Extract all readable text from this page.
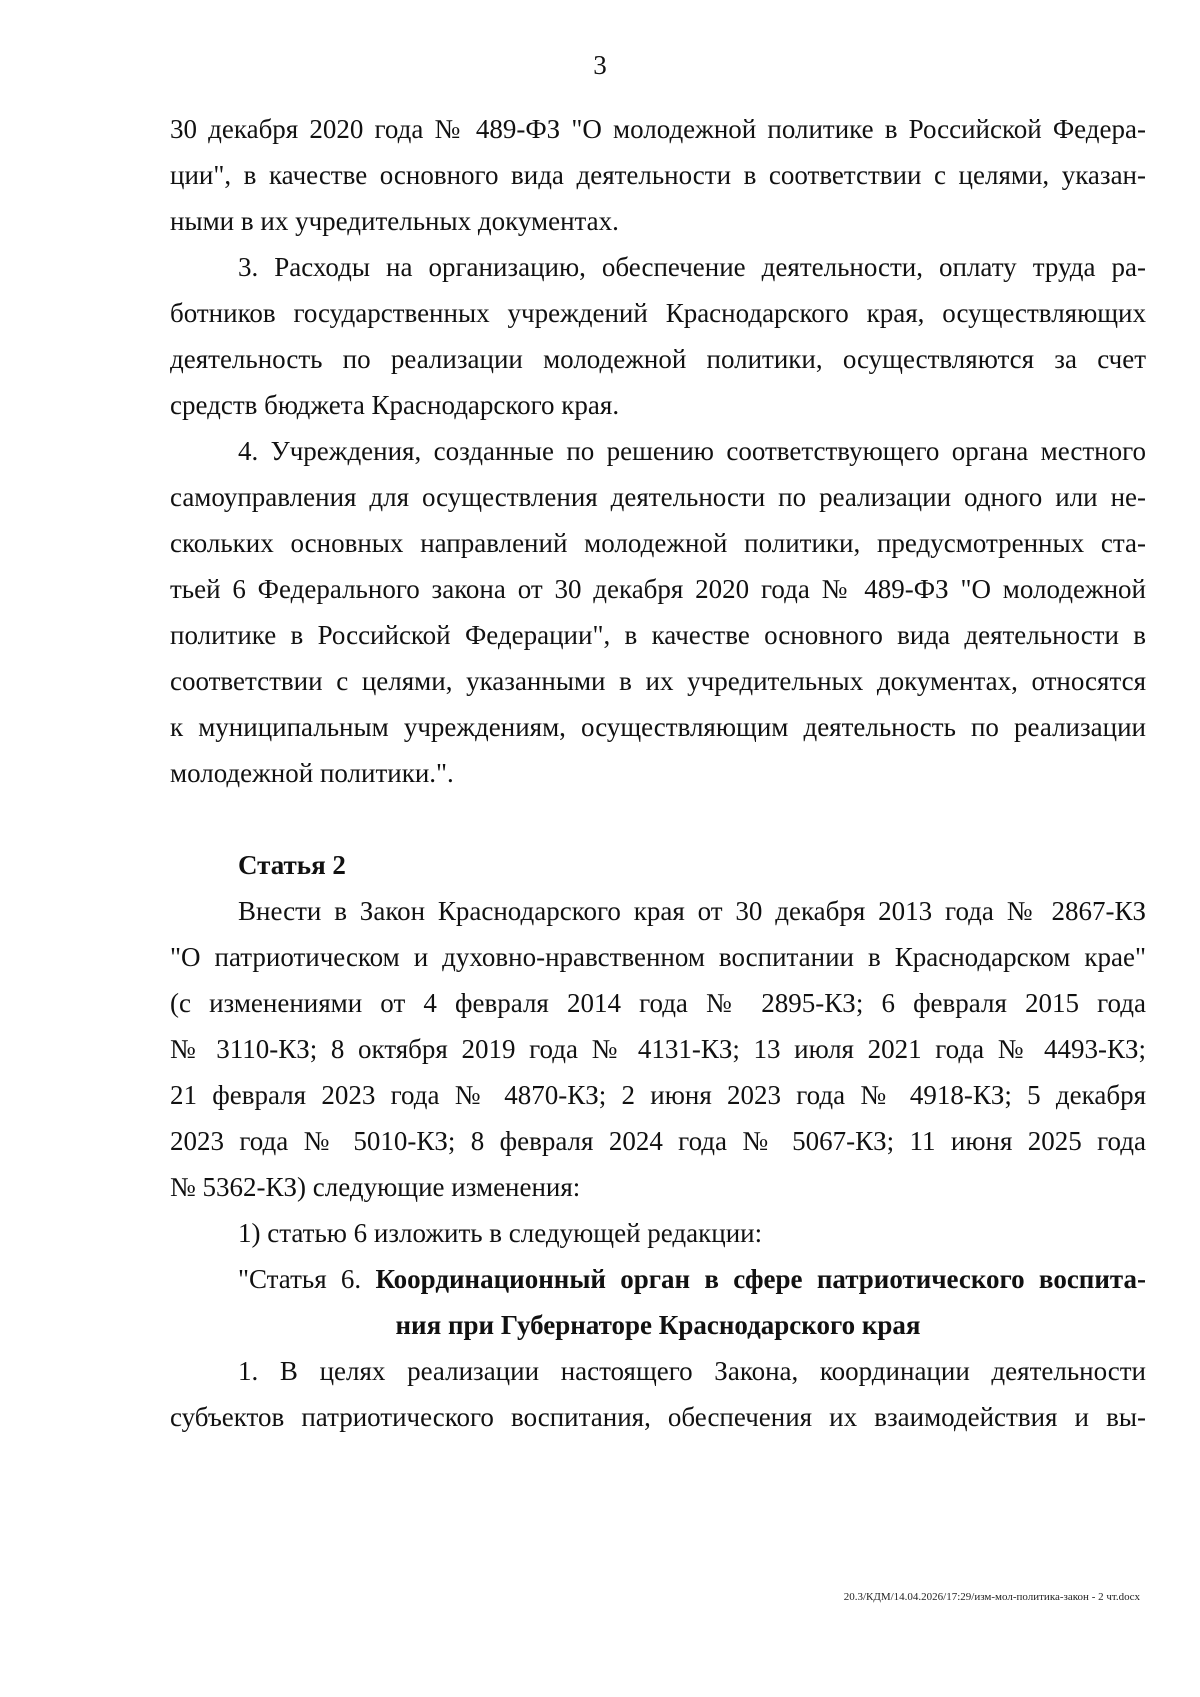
3
30 декабря 2020 года № 489-ФЗ "О молодежной политике в Российской Федера-
ции", в качестве основного вида деятельности в соответствии с целями, указан-
ными в их учредительных документах.
3. Расходы на организацию, обеспечение деятельности, оплату труда ра-
ботников государственных учреждений Краснодарского края, осуществляющих
деятельность по реализации молодежной политики, осуществляются за счет
средств бюджета Краснодарского края.
4. Учреждения, созданные по решению соответствующего органа местного
самоуправления для осуществления деятельности по реализации одного или не-
скольких основных направлений молодежной политики, предусмотренных ста-
тьей 6 Федерального закона от 30 декабря 2020 года № 489-ФЗ "О молодежной
политике в Российской Федерации", в качестве основного вида деятельности в
соответствии с целями, указанными в их учредительных документах, относятся
к муниципальным учреждениям, осуществляющим деятельность по реализации
молодежной политики.".
Статья 2
Внести в Закон Краснодарского края от 30 декабря 2013 года № 2867-КЗ
"О патриотическом и духовно-нравственном воспитании в Краснодарском крае"
(с изменениями от 4 февраля 2014 года № 2895-КЗ; 6 февраля 2015 года
№ 3110-КЗ; 8 октября 2019 года № 4131-КЗ; 13 июля 2021 года № 4493-КЗ;
21 февраля 2023 года № 4870-КЗ; 2 июня 2023 года № 4918-КЗ; 5 декабря
2023 года № 5010-КЗ; 8 февраля 2024 года № 5067-КЗ; 11 июня 2025 года
№ 5362-КЗ) следующие изменения:
1) статью 6 изложить в следующей редакции:
"Статья 6. Координационный орган в сфере патриотического воспита-
ния при Губернаторе Краснодарского края
1. В целях реализации настоящего Закона, координации деятельности
субъектов патриотического воспитания, обеспечения их взаимодействия и вы-
20.3/КДМ/14.04.2026/17:29/изм-мол-политика-закон - 2 чт.docx
